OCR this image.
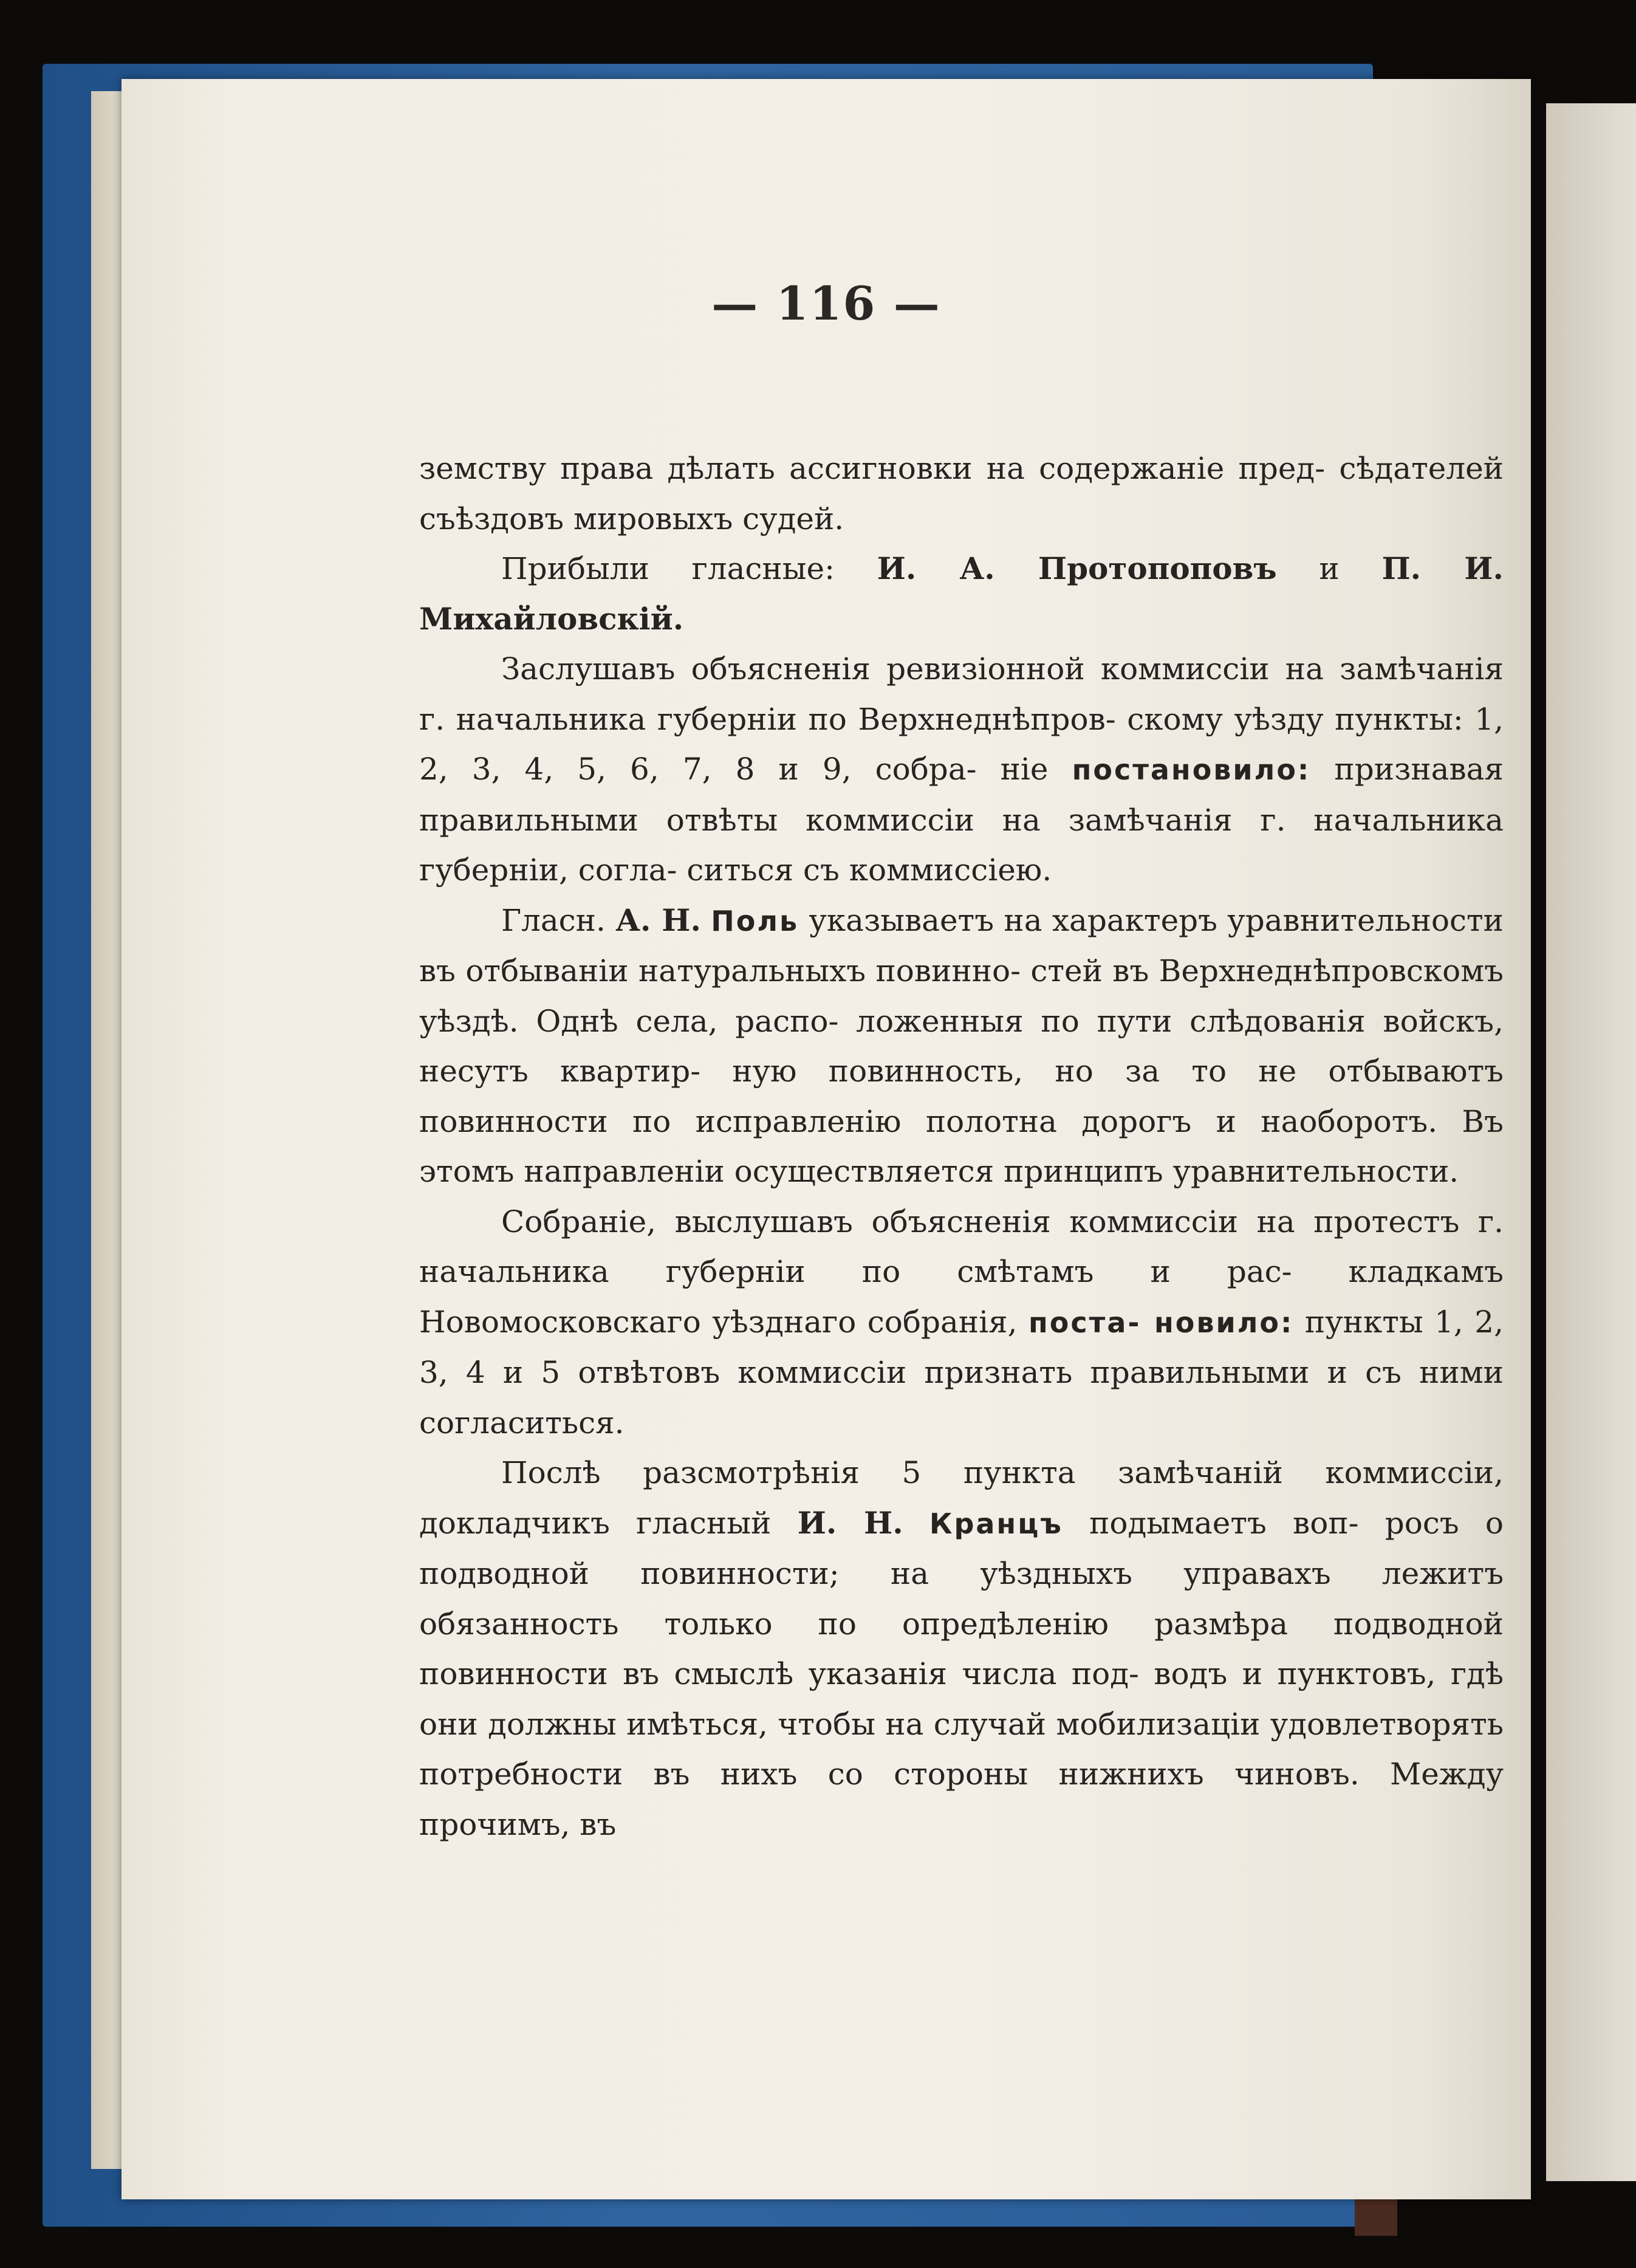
— 116 —

земству права дѣлать ассигновки на содержаніе пред- сѣдателей съѣздовъ мировыхъ судей.

Прибыли гласные: И. А. Протопоповъ и П. И. Михайловскій.

Заслушавъ объясненія ревизіонной коммиссіи на замѣчанія г. начальника губерніи по Верхнеднѣпров- скому уѣзду пункты: 1, 2, 3, 4, 5, 6, 7, 8 и 9, собра- ніе постановило: признавая правильными отвѣты коммиссіи на замѣчанія г. начальника губерніи, согла- ситься съ коммиссіею.

Гласн. А. Н. Поль указываетъ на характеръ уравнительности въ отбываніи натуральныхъ повинно- стей въ Верхнеднѣпровскомъ уѣздѣ. Однѣ села, распо- ложенныя по пути слѣдованія войскъ, несутъ квартир- ную повинность, но за то не отбываютъ повинности по исправленію полотна дорогъ и наоборотъ. Въ этомъ направленіи осуществляется принципъ уравнительности.

Собраніе, выслушавъ объясненія коммиссіи на протестъ г. начальника губерніи по смѣтамъ и рас- кладкамъ Новомосковскаго уѣзднаго собранія, поста- новило: пункты 1, 2, 3, 4 и 5 отвѣтовъ коммиссіи признать правильными и съ ними согласиться.

Послѣ разсмотрѣнія 5 пункта замѣчаній коммиссіи, докладчикъ гласный И. Н. Кранцъ подымаетъ воп- росъ о подводной повинности; на уѣздныхъ управахъ лежитъ обязанность только по опредѣленію размѣра подводной повинности въ смыслѣ указанія числа под- водъ и пунктовъ, гдѣ они должны имѣться, чтобы на случай мобилизаціи удовлетворять потребности въ нихъ со стороны нижнихъ чиновъ. Между прочимъ, въ
